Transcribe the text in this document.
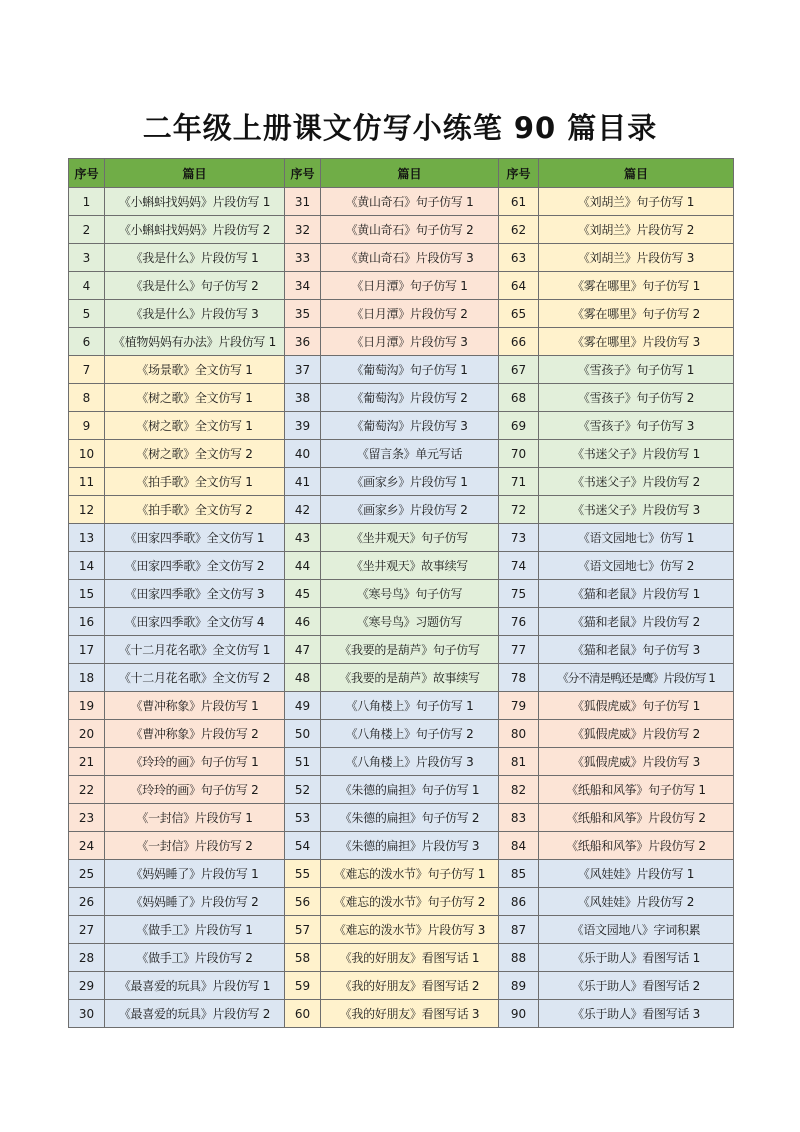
二年级上册课文仿写小练笔 90 篇目录
序号	篇目	序号	篇目	序号	篇目
1	《小蝌蚪找妈妈》片段仿写 1	31	《黄山奇石》句子仿写 1	61	《刘胡兰》句子仿写 1
2	《小蝌蚪找妈妈》片段仿写 2	32	《黄山奇石》句子仿写 2	62	《刘胡兰》片段仿写 2
3	《我是什么》片段仿写 1	33	《黄山奇石》片段仿写 3	63	《刘胡兰》片段仿写 3
4	《我是什么》句子仿写 2	34	《日月潭》句子仿写 1	64	《雾在哪里》句子仿写 1
5	《我是什么》片段仿写 3	35	《日月潭》片段仿写 2	65	《雾在哪里》句子仿写 2
6	《植物妈妈有办法》片段仿写 1	36	《日月潭》片段仿写 3	66	《雾在哪里》片段仿写 3
7	《场景歌》全文仿写 1	37	《葡萄沟》句子仿写 1	67	《雪孩子》句子仿写 1
8	《树之歌》全文仿写 1	38	《葡萄沟》片段仿写 2	68	《雪孩子》句子仿写 2
9	《树之歌》全文仿写 1	39	《葡萄沟》片段仿写 3	69	《雪孩子》句子仿写 3
10	《树之歌》全文仿写 2	40	《留言条》单元写话	70	《书迷父子》片段仿写 1
11	《拍手歌》全文仿写 1	41	《画家乡》片段仿写 1	71	《书迷父子》片段仿写 2
12	《拍手歌》全文仿写 2	42	《画家乡》片段仿写 2	72	《书迷父子》片段仿写 3
13	《田家四季歌》全文仿写 1	43	《坐井观天》句子仿写	73	《语文园地七》仿写 1
14	《田家四季歌》全文仿写 2	44	《坐井观天》故事续写	74	《语文园地七》仿写 2
15	《田家四季歌》全文仿写 3	45	《寒号鸟》句子仿写	75	《猫和老鼠》片段仿写 1
16	《田家四季歌》全文仿写 4	46	《寒号鸟》习题仿写	76	《猫和老鼠》片段仿写 2
17	《十二月花名歌》全文仿写 1	47	《我要的是葫芦》句子仿写	77	《猫和老鼠》句子仿写 3
18	《十二月花名歌》全文仿写 2	48	《我要的是葫芦》故事续写	78	《分不清是鸭还是鹰》片段仿写 1
19	《曹冲称象》片段仿写 1	49	《八角楼上》句子仿写 1	79	《狐假虎威》句子仿写 1
20	《曹冲称象》片段仿写 2	50	《八角楼上》句子仿写 2	80	《狐假虎威》片段仿写 2
21	《玲玲的画》句子仿写 1	51	《八角楼上》片段仿写 3	81	《狐假虎威》片段仿写 3
22	《玲玲的画》句子仿写 2	52	《朱德的扁担》句子仿写 1	82	《纸船和风筝》句子仿写 1
23	《一封信》片段仿写 1	53	《朱德的扁担》句子仿写 2	83	《纸船和风筝》片段仿写 2
24	《一封信》片段仿写 2	54	《朱德的扁担》片段仿写 3	84	《纸船和风筝》片段仿写 2
25	《妈妈睡了》片段仿写 1	55	《难忘的泼水节》句子仿写 1	85	《风娃娃》片段仿写 1
26	《妈妈睡了》片段仿写 2	56	《难忘的泼水节》句子仿写 2	86	《风娃娃》片段仿写 2
27	《做手工》片段仿写 1	57	《难忘的泼水节》片段仿写 3	87	《语文园地八》字词积累
28	《做手工》片段仿写 2	58	《我的好朋友》看图写话 1	88	《乐于助人》看图写话 1
29	《最喜爱的玩具》片段仿写 1	59	《我的好朋友》看图写话 2	89	《乐于助人》看图写话 2
30	《最喜爱的玩具》片段仿写 2	60	《我的好朋友》看图写话 3	90	《乐于助人》看图写话 3
